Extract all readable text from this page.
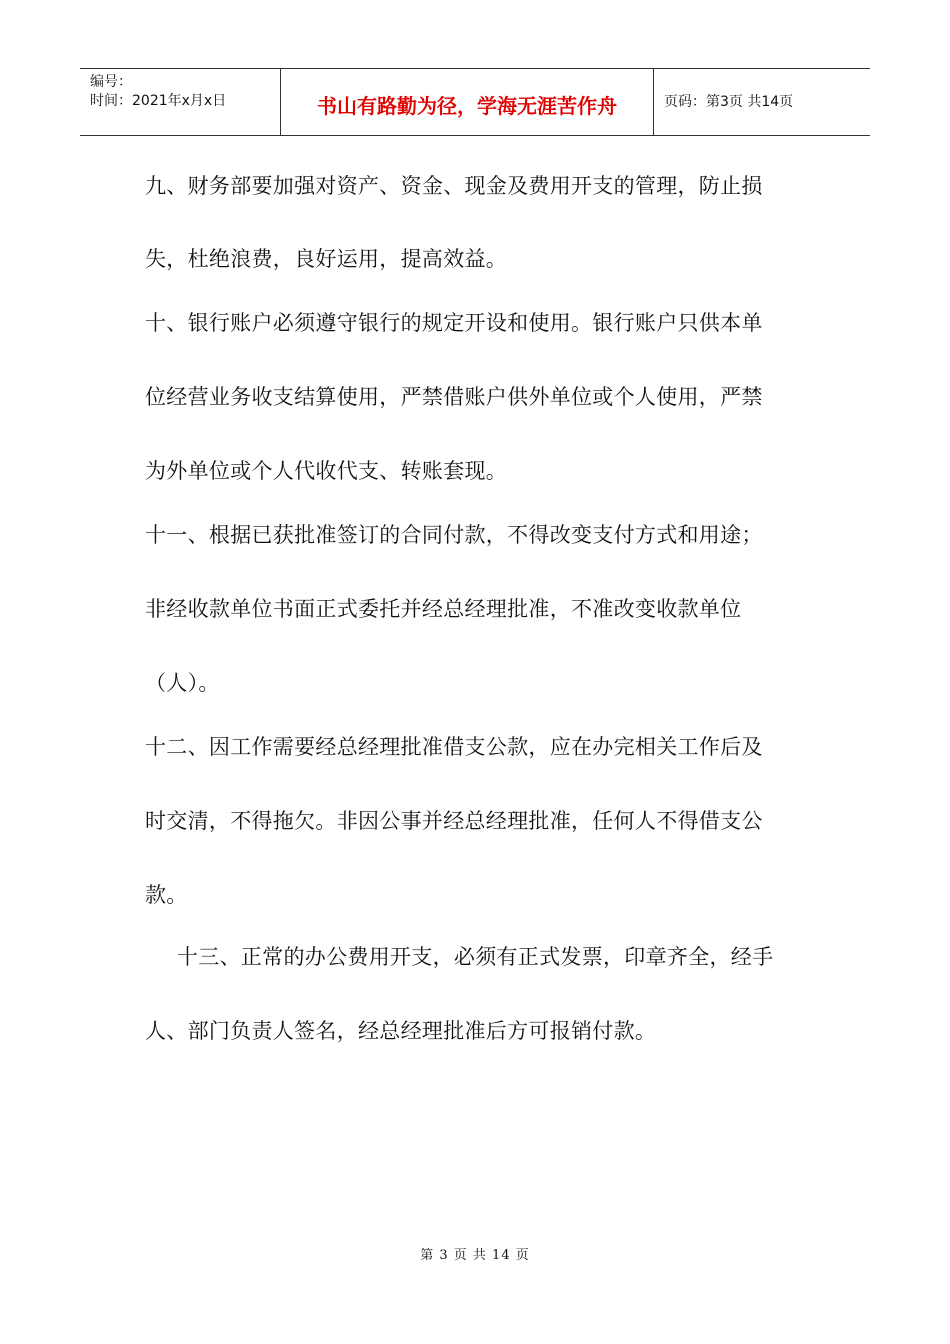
编号：
时间：2021年x月x日	书山有路勤为径，学海无涯苦作舟	页码：第3页 共14页
九、财务部要加强对资产、资金、现金及费用开支的管理，防止损
失，杜绝浪费，良好运用，提高效益。
十、银行账户必须遵守银行的规定开设和使用。银行账户只供本单
位经营业务收支结算使用，严禁借账户供外单位或个人使用，严禁
为外单位或个人代收代支、转账套现。
十一、根据已获批准签订的合同付款，不得改变支付方式和用途；
非经收款单位书面正式委托并经总经理批准，不准改变收款单位
（人）。
十二、因工作需要经总经理批准借支公款，应在办完相关工作后及
时交清，不得拖欠。非因公事并经总经理批准，任何人不得借支公
款。
十三、正常的办公费用开支，必须有正式发票，印章齐全，经手
人、部门负责人签名，经总经理批准后方可报销付款。
第 3 页 共 14 页
